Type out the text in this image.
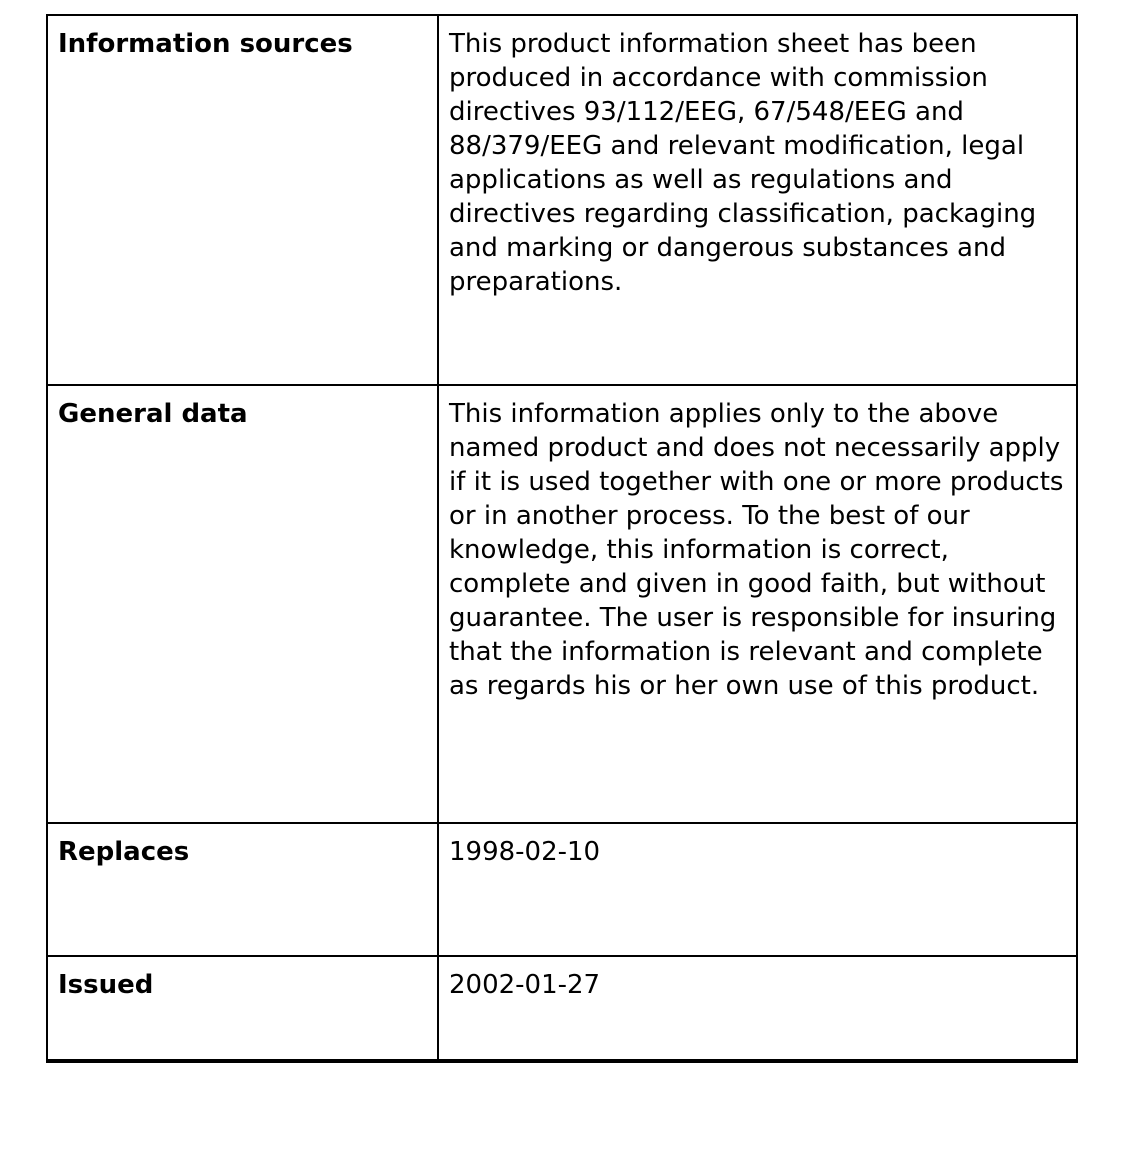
Information sources	This product information sheet has been produced in accordance with commission directives 93/112/EEG, 67/548/EEG and 88/379/EEG and relevant modification, legal applications as well as regulations and directives regarding classification, packaging and marking or dangerous substances and preparations.
General data	This information applies only to the above named product and does not necessarily apply if it is used together with one or more products or in another process. To the best of our knowledge, this information is correct, complete and given in good faith, but without guarantee. The user is responsible for insuring that the information is relevant and complete as regards his or her own use of this product.
Replaces	1998-02-10
Issued	2002-01-27
